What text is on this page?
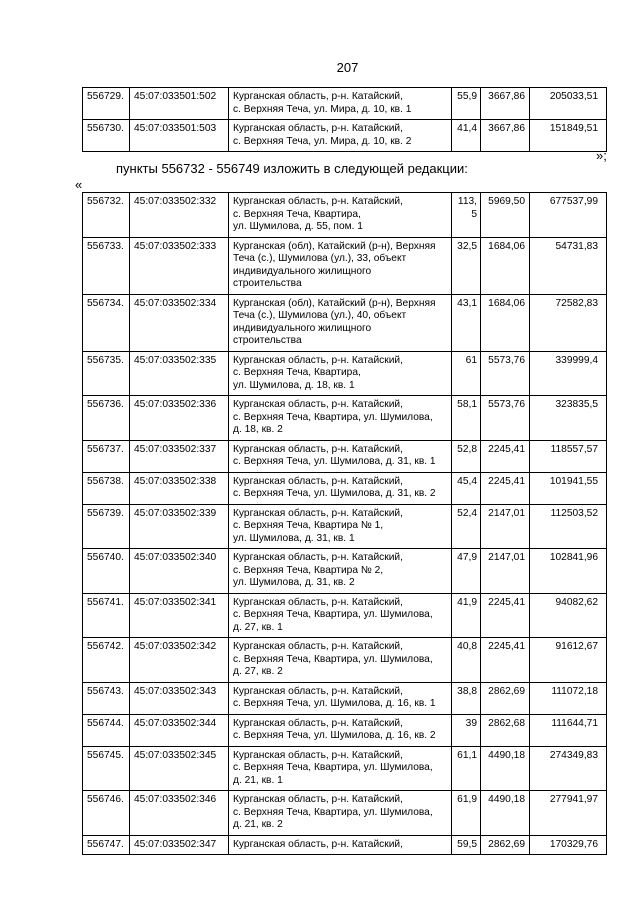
207
556729.	45:07:033501:502	Курганская область, р-н. Катайский,
с. Верхняя Теча, ул. Мира, д. 10, кв. 1	55,9	3667,86	205033,51
556730.	45:07:033501:503	Курганская область, р-н. Катайский,
с. Верхняя Теча, ул. Мира, д. 10, кв. 2	41,4	3667,86	151849,51
»;
пункты 556732 - 556749 изложить в следующей редакции:
«
556732.	45:07:033502:332	Курганская область, р-н. Катайский,
с. Верхняя Теча, Квартира,
ул. Шумилова, д. 55, пом. 1	113,
5	5969,50	677537,99
556733.	45:07:033502:333	Курганская (обл), Катайский (р-н), Верхняя
Теча (с.), Шумилова (ул.), 33, объект
индивидуального жилищного
строительства	32,5	1684,06	54731,83
556734.	45:07:033502:334	Курганская (обл), Катайский (р-н), Верхняя
Теча (с.), Шумилова (ул.), 40, объект
индивидуального жилищного
строительства	43,1	1684,06	72582,83
556735.	45:07:033502:335	Курганская область, р-н. Катайский,
с. Верхняя Теча, Квартира,
ул. Шумилова, д. 18, кв. 1	61	5573,76	339999,4
556736.	45:07:033502:336	Курганская область, р-н. Катайский,
с. Верхняя Теча, Квартира, ул. Шумилова,
д. 18, кв. 2	58,1	5573,76	323835,5
556737.	45:07:033502:337	Курганская область, р-н. Катайский,
с. Верхняя Теча, ул. Шумилова, д. 31, кв. 1	52,8	2245,41	118557,57
556738.	45:07:033502:338	Курганская область, р-н. Катайский,
с. Верхняя Теча, ул. Шумилова, д. 31, кв. 2	45,4	2245,41	101941,55
556739.	45:07:033502:339	Курганская область, р-н. Катайский,
с. Верхняя Теча, Квартира № 1,
ул. Шумилова, д. 31, кв. 1	52,4	2147,01	112503,52
556740.	45:07:033502:340	Курганская область, р-н. Катайский,
с. Верхняя Теча, Квартира № 2,
ул. Шумилова, д. 31, кв. 2	47,9	2147,01	102841,96
556741.	45:07:033502:341	Курганская область, р-н. Катайский,
с. Верхняя Теча, Квартира, ул. Шумилова,
д. 27, кв. 1	41,9	2245,41	94082,62
556742.	45:07:033502:342	Курганская область, р-н. Катайский,
с. Верхняя Теча, Квартира, ул. Шумилова,
д. 27, кв. 2	40,8	2245,41	91612,67
556743.	45:07:033502:343	Курганская область, р-н. Катайский,
с. Верхняя Теча, ул. Шумилова, д. 16, кв. 1	38,8	2862,69	111072,18
556744.	45:07:033502:344	Курганская область, р-н. Катайский,
с. Верхняя Теча, ул. Шумилова, д. 16, кв. 2	39	2862,68	111644,71
556745.	45:07:033502:345	Курганская область, р-н. Катайский,
с. Верхняя Теча, Квартира, ул. Шумилова,
д. 21, кв. 1	61,1	4490,18	274349,83
556746.	45:07:033502:346	Курганская область, р-н. Катайский,
с. Верхняя Теча, Квартира, ул. Шумилова,
д. 21, кв. 2	61,9	4490,18	277941,97
556747.	45:07:033502:347	Курганская область, р-н. Катайский,	59,5	2862,69	170329,76
